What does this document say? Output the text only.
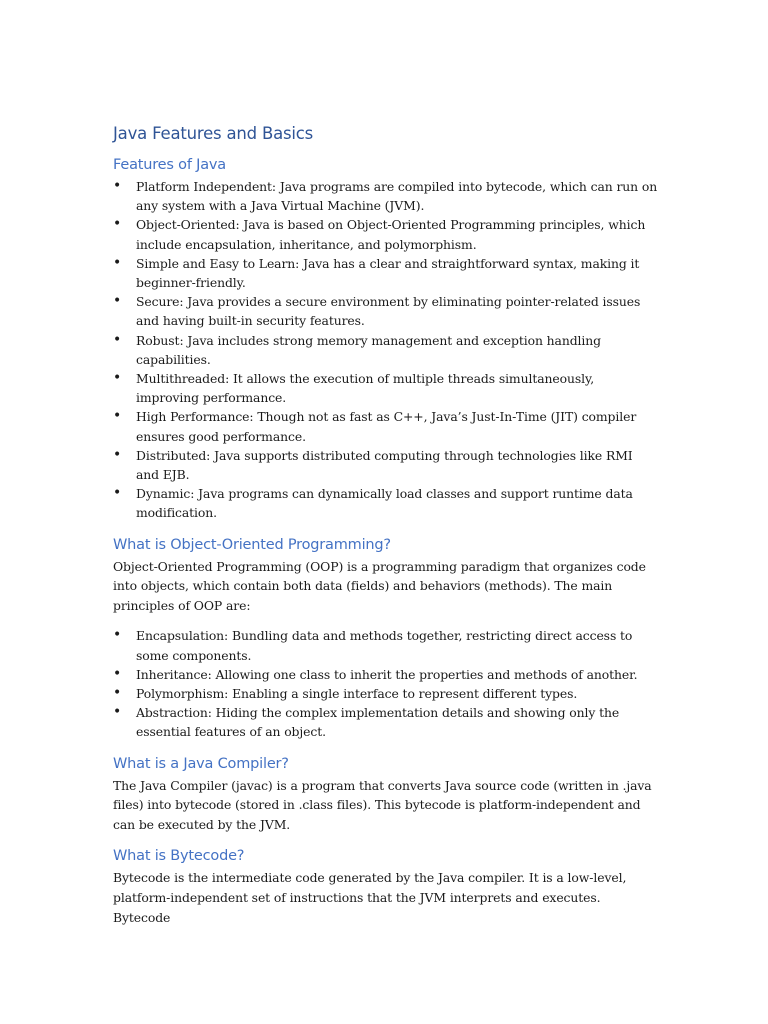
Java Features and Basics
Features of Java
• Platform Independent: Java programs are compiled into bytecode, which can run on any system with a Java Virtual Machine (JVM).
• Object-Oriented: Java is based on Object-Oriented Programming principles, which include encapsulation, inheritance, and polymorphism.
• Simple and Easy to Learn: Java has a clear and straightforward syntax, making it beginner-friendly.
• Secure: Java provides a secure environment by eliminating pointer-related issues and having built-in security features.
• Robust: Java includes strong memory management and exception handling capabilities.
• Multithreaded: It allows the execution of multiple threads simultaneously, improving performance.
• High Performance: Though not as fast as C++, Java’s Just-In-Time (JIT) compiler ensures good performance.
• Distributed: Java supports distributed computing through technologies like RMI and EJB.
• Dynamic: Java programs can dynamically load classes and support runtime data modification.
What is Object-Oriented Programming?

Object-Oriented Programming (OOP) is a programming paradigm that organizes code into objects, which contain both data (fields) and behaviors (methods). The main principles of OOP are:

• Encapsulation: Bundling data and methods together, restricting direct access to some components.
• Inheritance: Allowing one class to inherit the properties and methods of another.
• Polymorphism: Enabling a single interface to represent different types.
• Abstraction: Hiding the complex implementation details and showing only the essential features of an object.
What is a Java Compiler?

The Java Compiler (javac) is a program that converts Java source code (written in .java files) into bytecode (stored in .class files). This bytecode is platform-independent and can be executed by the JVM.

What is Bytecode?

Bytecode is the intermediate code generated by the Java compiler. It is a low-level, platform-independent set of instructions that the JVM interprets and executes. Bytecode
